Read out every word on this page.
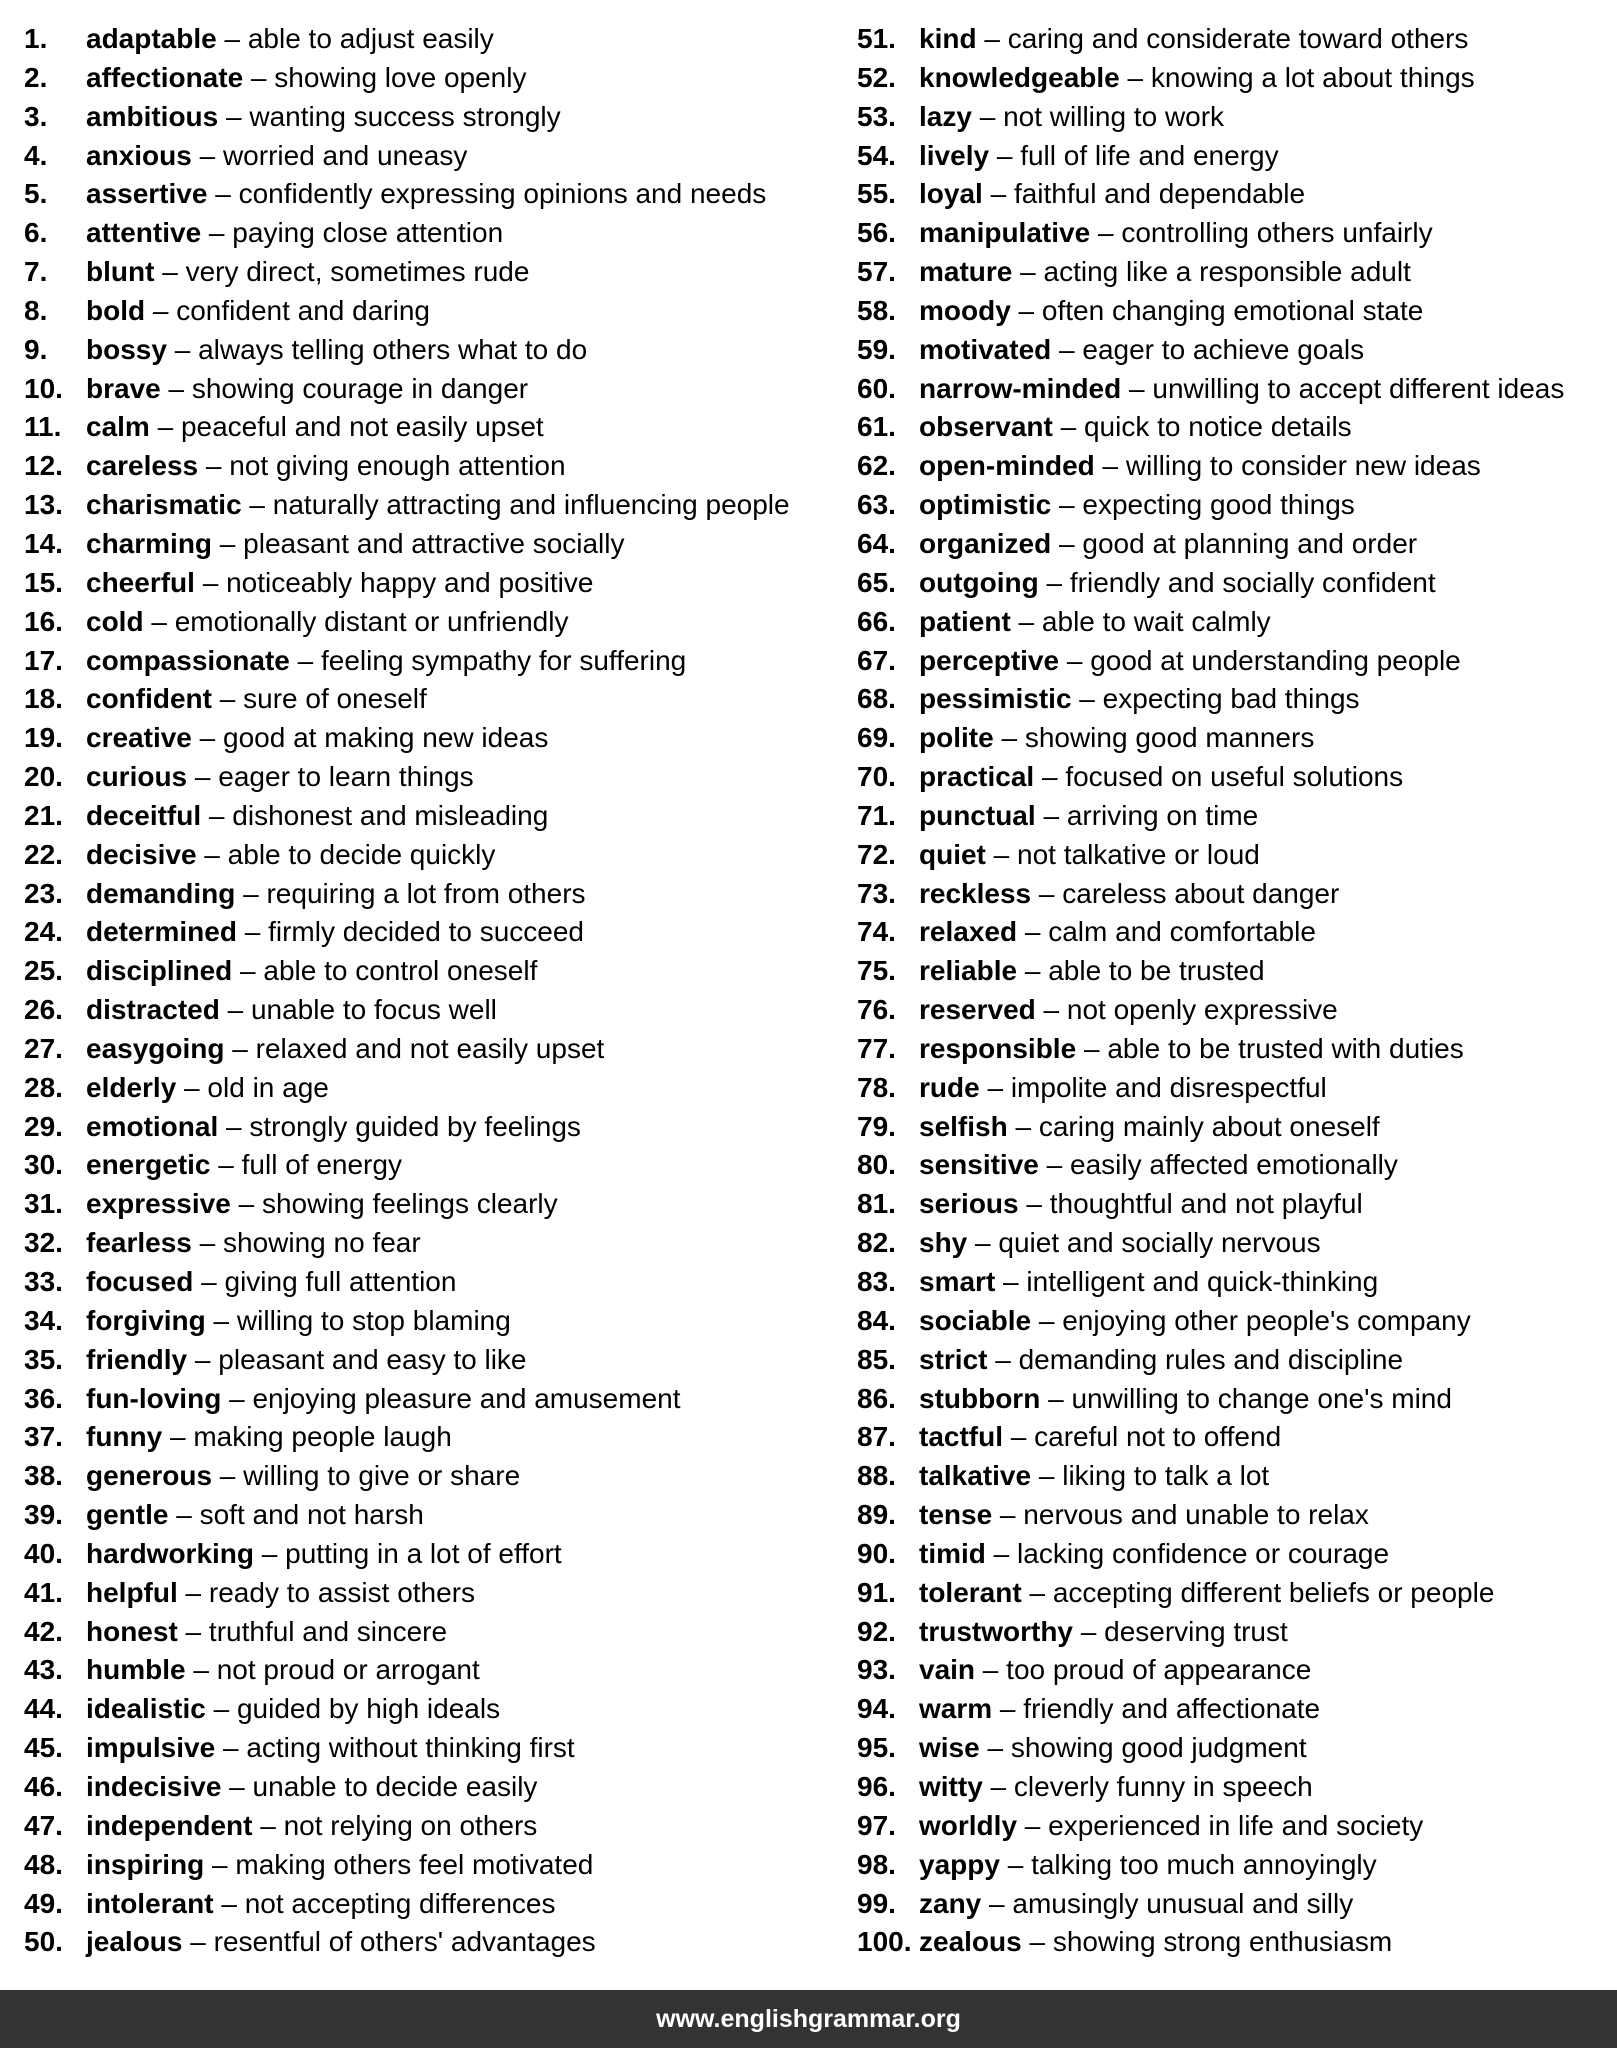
1.	adaptable – able to adjust easily
2.	affectionate – showing love openly
3.	ambitious – wanting success strongly
4.	anxious – worried and uneasy
5.	assertive – confidently expressing opinions and needs
6.	attentive – paying close attention
7.	blunt – very direct, sometimes rude
8.	bold – confident and daring
9.	bossy – always telling others what to do
10. brave – showing courage in danger
11. calm – peaceful and not easily upset
12. careless – not giving enough attention
13. charismatic – naturally attracting and influencing people
14. charming – pleasant and attractive socially
15. cheerful – noticeably happy and positive
16. cold – emotionally distant or unfriendly
17. compassionate – feeling sympathy for suffering
18. confident – sure of oneself
19. creative – good at making new ideas
20. curious – eager to learn things
21. deceitful – dishonest and misleading
22. decisive – able to decide quickly
23. demanding – requiring a lot from others
24. determined – firmly decided to succeed
25. disciplined – able to control oneself
26. distracted – unable to focus well
27. easygoing – relaxed and not easily upset
28. elderly – old in age
29. emotional – strongly guided by feelings
30. energetic – full of energy
31. expressive – showing feelings clearly
32. fearless – showing no fear
33. focused – giving full attention
34. forgiving – willing to stop blaming
35. friendly – pleasant and easy to like
36. fun-loving – enjoying pleasure and amusement
37. funny – making people laugh
38. generous – willing to give or share
39. gentle – soft and not harsh
40. hardworking – putting in a lot of effort
41. helpful – ready to assist others
42. honest – truthful and sincere
43. humble – not proud or arrogant
44. idealistic – guided by high ideals
45. impulsive – acting without thinking first
46. indecisive – unable to decide easily
47. independent – not relying on others
48. inspiring – making others feel motivated
49. intolerant – not accepting differences
50. jealous – resentful of others' advantages
51. kind – caring and considerate toward others
52. knowledgeable – knowing a lot about things
53. lazy – not willing to work
54. lively – full of life and energy
55. loyal – faithful and dependable
56. manipulative – controlling others unfairly
57. mature – acting like a responsible adult
58. moody – often changing emotional state
59. motivated – eager to achieve goals
60. narrow-minded – unwilling to accept different ideas
61. observant – quick to notice details
62. open-minded – willing to consider new ideas
63. optimistic – expecting good things
64. organized – good at planning and order
65. outgoing – friendly and socially confident
66. patient – able to wait calmly
67. perceptive – good at understanding people
68. pessimistic – expecting bad things
69. polite – showing good manners
70. practical – focused on useful solutions
71. punctual – arriving on time
72. quiet – not talkative or loud
73. reckless – careless about danger
74. relaxed – calm and comfortable
75. reliable – able to be trusted
76. reserved – not openly expressive
77. responsible – able to be trusted with duties
78. rude – impolite and disrespectful
79. selfish – caring mainly about oneself
80. sensitive – easily affected emotionally
81. serious – thoughtful and not playful
82. shy – quiet and socially nervous
83. smart – intelligent and quick-thinking
84. sociable – enjoying other people's company
85. strict – demanding rules and discipline
86. stubborn – unwilling to change one's mind
87. tactful – careful not to offend
88. talkative – liking to talk a lot
89. tense – nervous and unable to relax
90. timid – lacking confidence or courage
91. tolerant – accepting different beliefs or people
92. trustworthy – deserving trust
93. vain – too proud of appearance
94. warm – friendly and affectionate
95. wise – showing good judgment
96. witty – cleverly funny in speech
97. worldly – experienced in life and society
98. yappy – talking too much annoyingly
99. zany – amusingly unusual and silly
100. zealous – showing strong enthusiasm
www.englishgrammar.org
